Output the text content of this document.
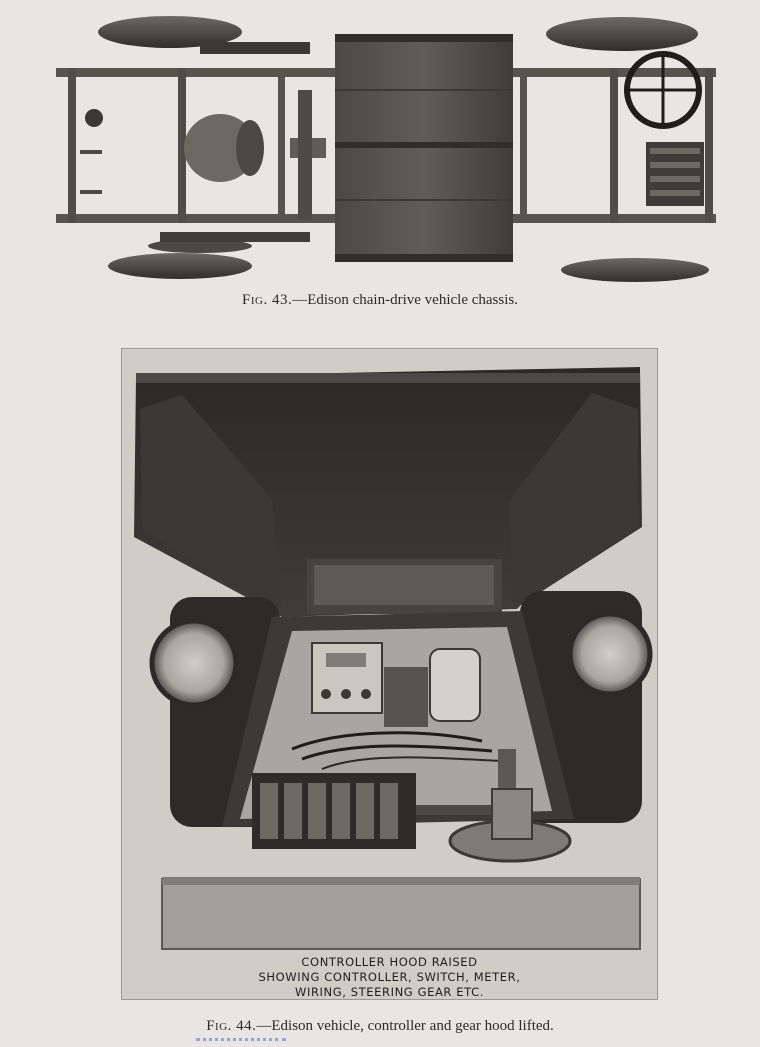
Fig. 43.—Edison chain-drive vehicle chassis.
CONTROLLER HOOD RAISED
SHOWING CONTROLLER, SWITCH, METER,
WIRING, STEERING GEAR ETC.
Fig. 44.—Edison vehicle, controller and gear hood lifted.
